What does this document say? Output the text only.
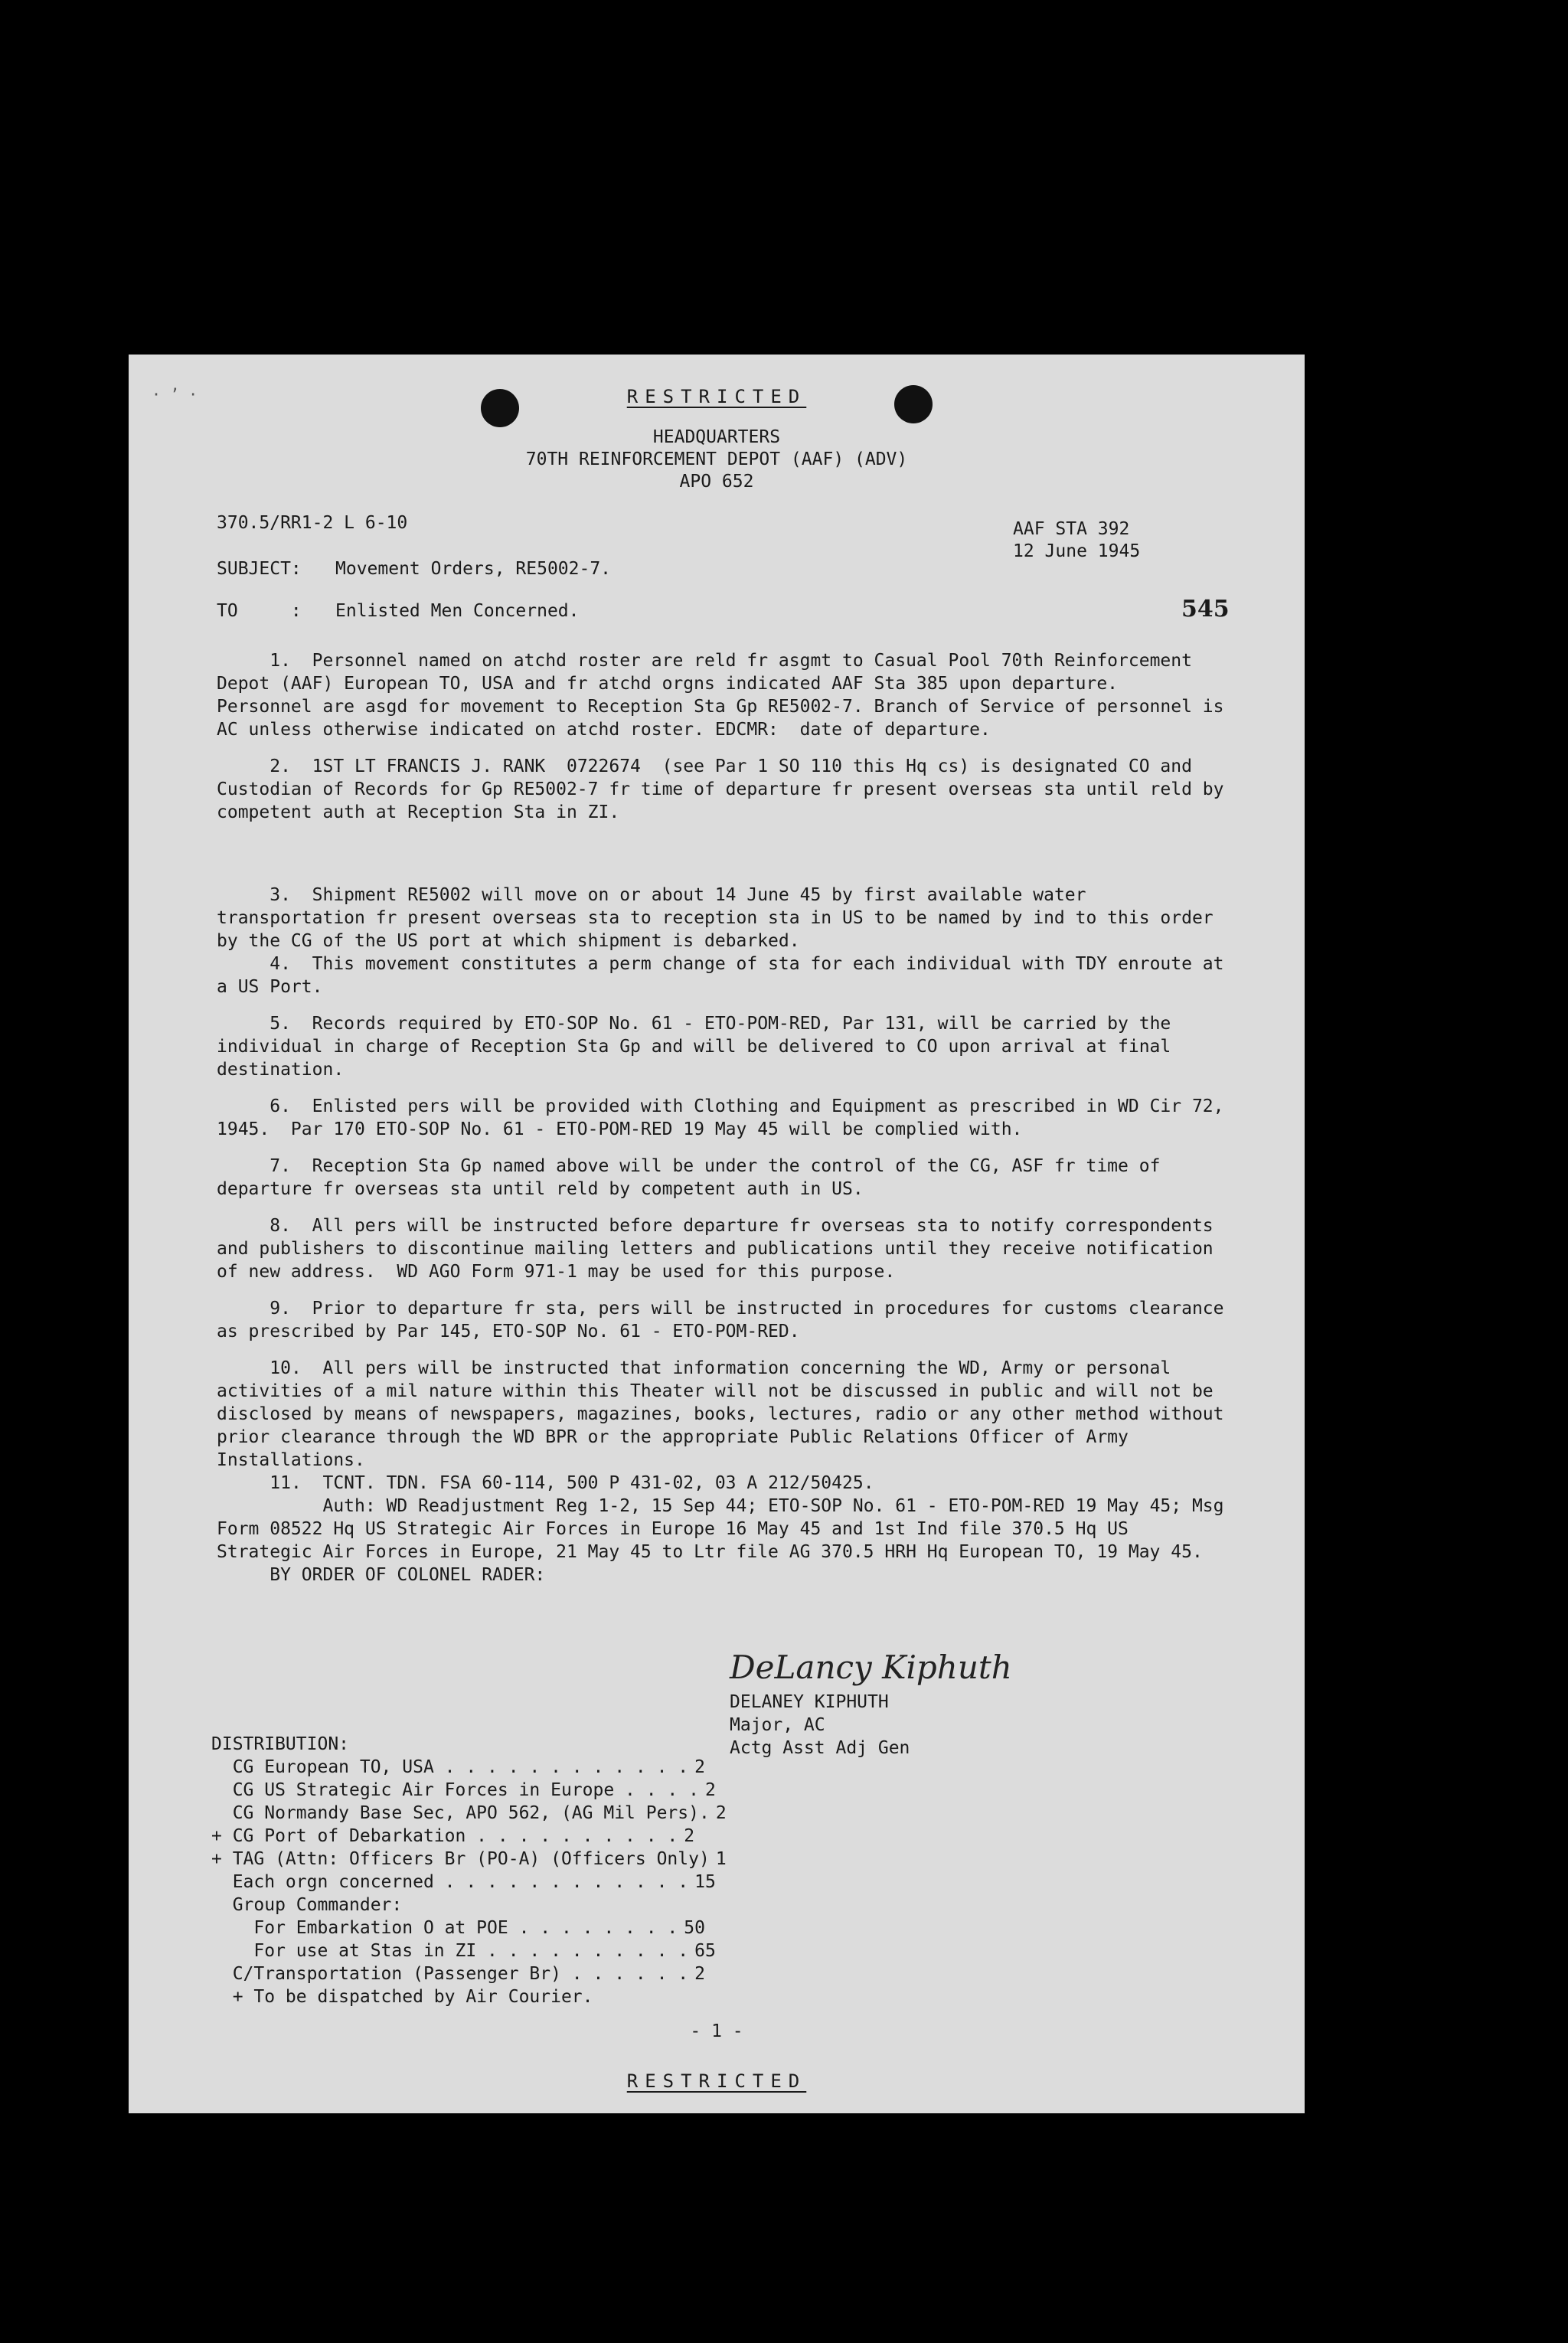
· ’ ·	RESTRICTED
HEADQUARTERS
70TH REINFORCEMENT DEPOT (AAF) (ADV)
APO 652
370.5/RR1-2 L 6-10	AAF STA 392
12 June 1945
545
SUBJECT: Movement Orders, RE5002-7.
TO     : Enlisted Men Concerned.

1.  Personnel named on atchd roster are reld fr asgmt to Casual Pool 70th Reinforcement Depot (AAF) European TO, USA and fr atchd orgns indicated AAF Sta 385 upon departure.  Personnel are asgd for movement to Reception Sta Gp RE5002-7. Branch of Service of personnel is AC unless otherwise indicated on atchd roster. EDCMR:  date of departure.

2.  1ST LT FRANCIS J. RANK  0722674  (see Par 1 SO 110 this Hq cs) is designated CO and Custodian of Records for Gp RE5002-7 fr time of departure fr present overseas sta until reld by competent auth at Reception Sta in ZI.

3.  Shipment RE5002 will move on or about 14 June 45 by first available water transportation fr present overseas sta to reception sta in US to be named by ind to this order by the CG of the US port at which shipment is debarked.

4.  This movement constitutes a perm change of sta for each individual with TDY enroute at a US Port.

5.  Records required by ETO-SOP No. 61 - ETO-POM-RED, Par 131, will be carried by the individual in charge of Reception Sta Gp and will be delivered to CO upon arrival at final destination.

6.  Enlisted pers will be provided with Clothing and Equipment as prescribed in WD Cir 72, 1945.  Par 170 ETO-SOP No. 61 - ETO-POM-RED 19 May 45 will be complied with.

7.  Reception Sta Gp named above will be under the control of the CG, ASF fr time of departure fr overseas sta until reld by competent auth in US.

8.  All pers will be instructed before departure fr overseas sta to notify correspondents and publishers to discontinue mailing letters and publications until they receive notification of new address.  WD AGO Form 971-1 may be used for this purpose.

9.  Prior to departure fr sta, pers will be instructed in procedures for customs clearance as prescribed by Par 145, ETO-SOP No. 61 - ETO-POM-RED.

10.  All pers will be instructed that information concerning the WD, Army or personal activities of a mil nature within this Theater will not be discussed in public and will not be disclosed by means of newspapers, magazines, books, lectures, radio or any other method without prior clearance through the WD BPR or the appropriate Public Relations Officer of Army Installations.

11.  TCNT. TDN. FSA 60-114, 500 P 431-02, 03 A 212/50425.

Auth: WD Readjustment Reg 1-2, 15 Sep 44; ETO-SOP No. 61 - ETO-POM-RED 19 May 45; Msg Form 08522 Hq US Strategic Air Forces in Europe 16 May 45 and 1st Ind file 370.5 Hq US Strategic Air Forces in Europe, 21 May 45 to Ltr file AG 370.5 HRH Hq European TO, 19 May 45.

BY ORDER OF COLONEL RADER:

DeLancy Kiphuth
DELANEY KIPHUTH
Major, AC
Actg Asst Adj Gen
DISTRIBUTION:
CG European TO, USA . . . . . . . . . . . . 2
CG US Strategic Air Forces in Europe . . . . 2
CG Normandy Base Sec, APO 562, (AG Mil Pers). 2
+ CG Port of Debarkation . . . . . . . . . . 2
+ TAG (Attn: Officers Br (PO-A) (Officers Only) 1
Each orgn concerned . . . . . . . . . . . . 15
Group Commander:
For Embarkation O at POE . . . . . . . . 50
For use at Stas in ZI . . . . . . . . . . 65
C/Transportation (Passenger Br) . . . . . . 2
+ To be dispatched by Air Courier.
- 1 -
RESTRICTED
